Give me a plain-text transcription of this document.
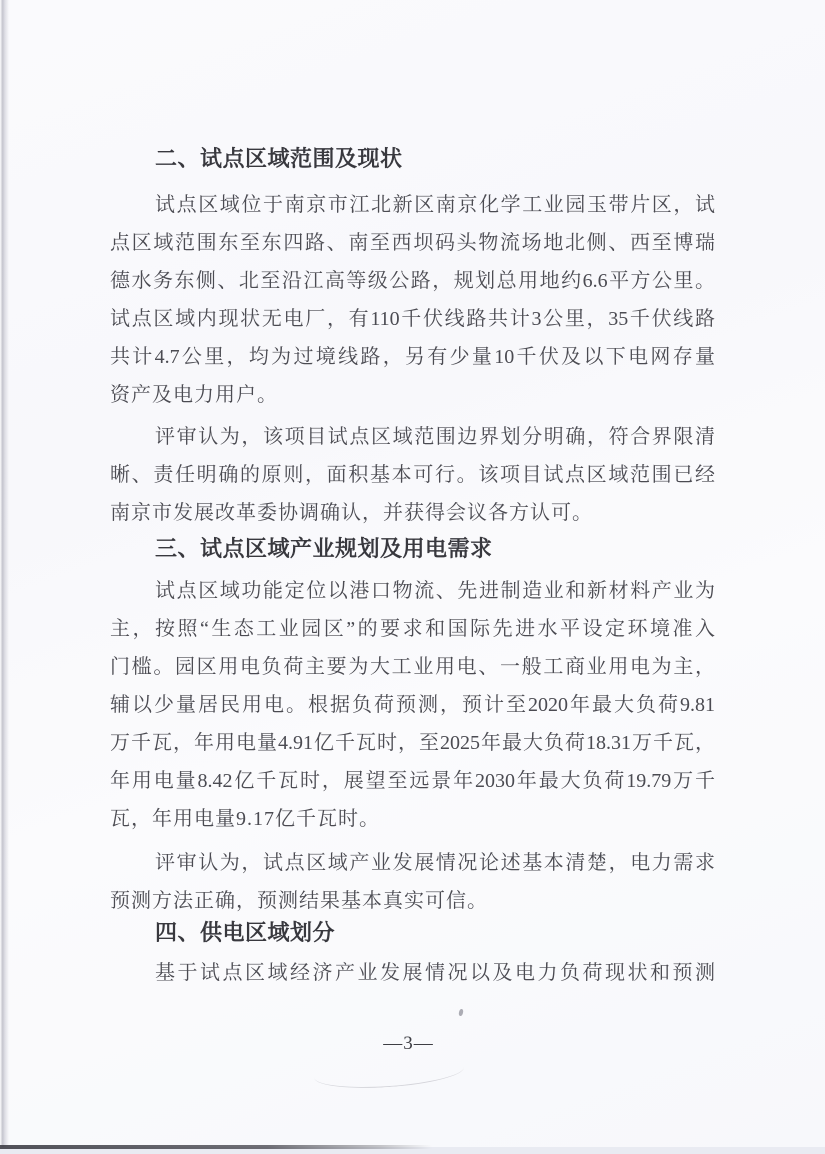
二、试点区域范围及现状
试点区域位于南京市江北新区南京化学工业园玉带片区，试
点区域范围东至东四路、南至西坝码头物流场地北侧、西至博瑞
德水务东侧、北至沿江高等级公路，规划总用地约6.6平方公里。
试点区域内现状无电厂，有110千伏线路共计3公里，35千伏线路
共计4.7公里，均为过境线路，另有少量10千伏及以下电网存量
资产及电力用户。
评审认为，该项目试点区域范围边界划分明确，符合界限清
晰、责任明确的原则，面积基本可行。该项目试点区域范围已经
南京市发展改革委协调确认，并获得会议各方认可。
三、试点区域产业规划及用电需求
试点区域功能定位以港口物流、先进制造业和新材料产业为
主，按照“生态工业园区”的要求和国际先进水平设定环境准入
门槛。园区用电负荷主要为大工业用电、一般工商业用电为主，
辅以少量居民用电。根据负荷预测，预计至2020年最大负荷9.81
万千瓦，年用电量4.91亿千瓦时，至2025年最大负荷18.31万千瓦，
年用电量8.42亿千瓦时，展望至远景年2030年最大负荷19.79万千
瓦，年用电量9.17亿千瓦时。
评审认为，试点区域产业发展情况论述基本清楚，电力需求
预测方法正确，预测结果基本真实可信。
四、供电区域划分
基于试点区域经济产业发展情况以及电力负荷现状和预测
—3—
